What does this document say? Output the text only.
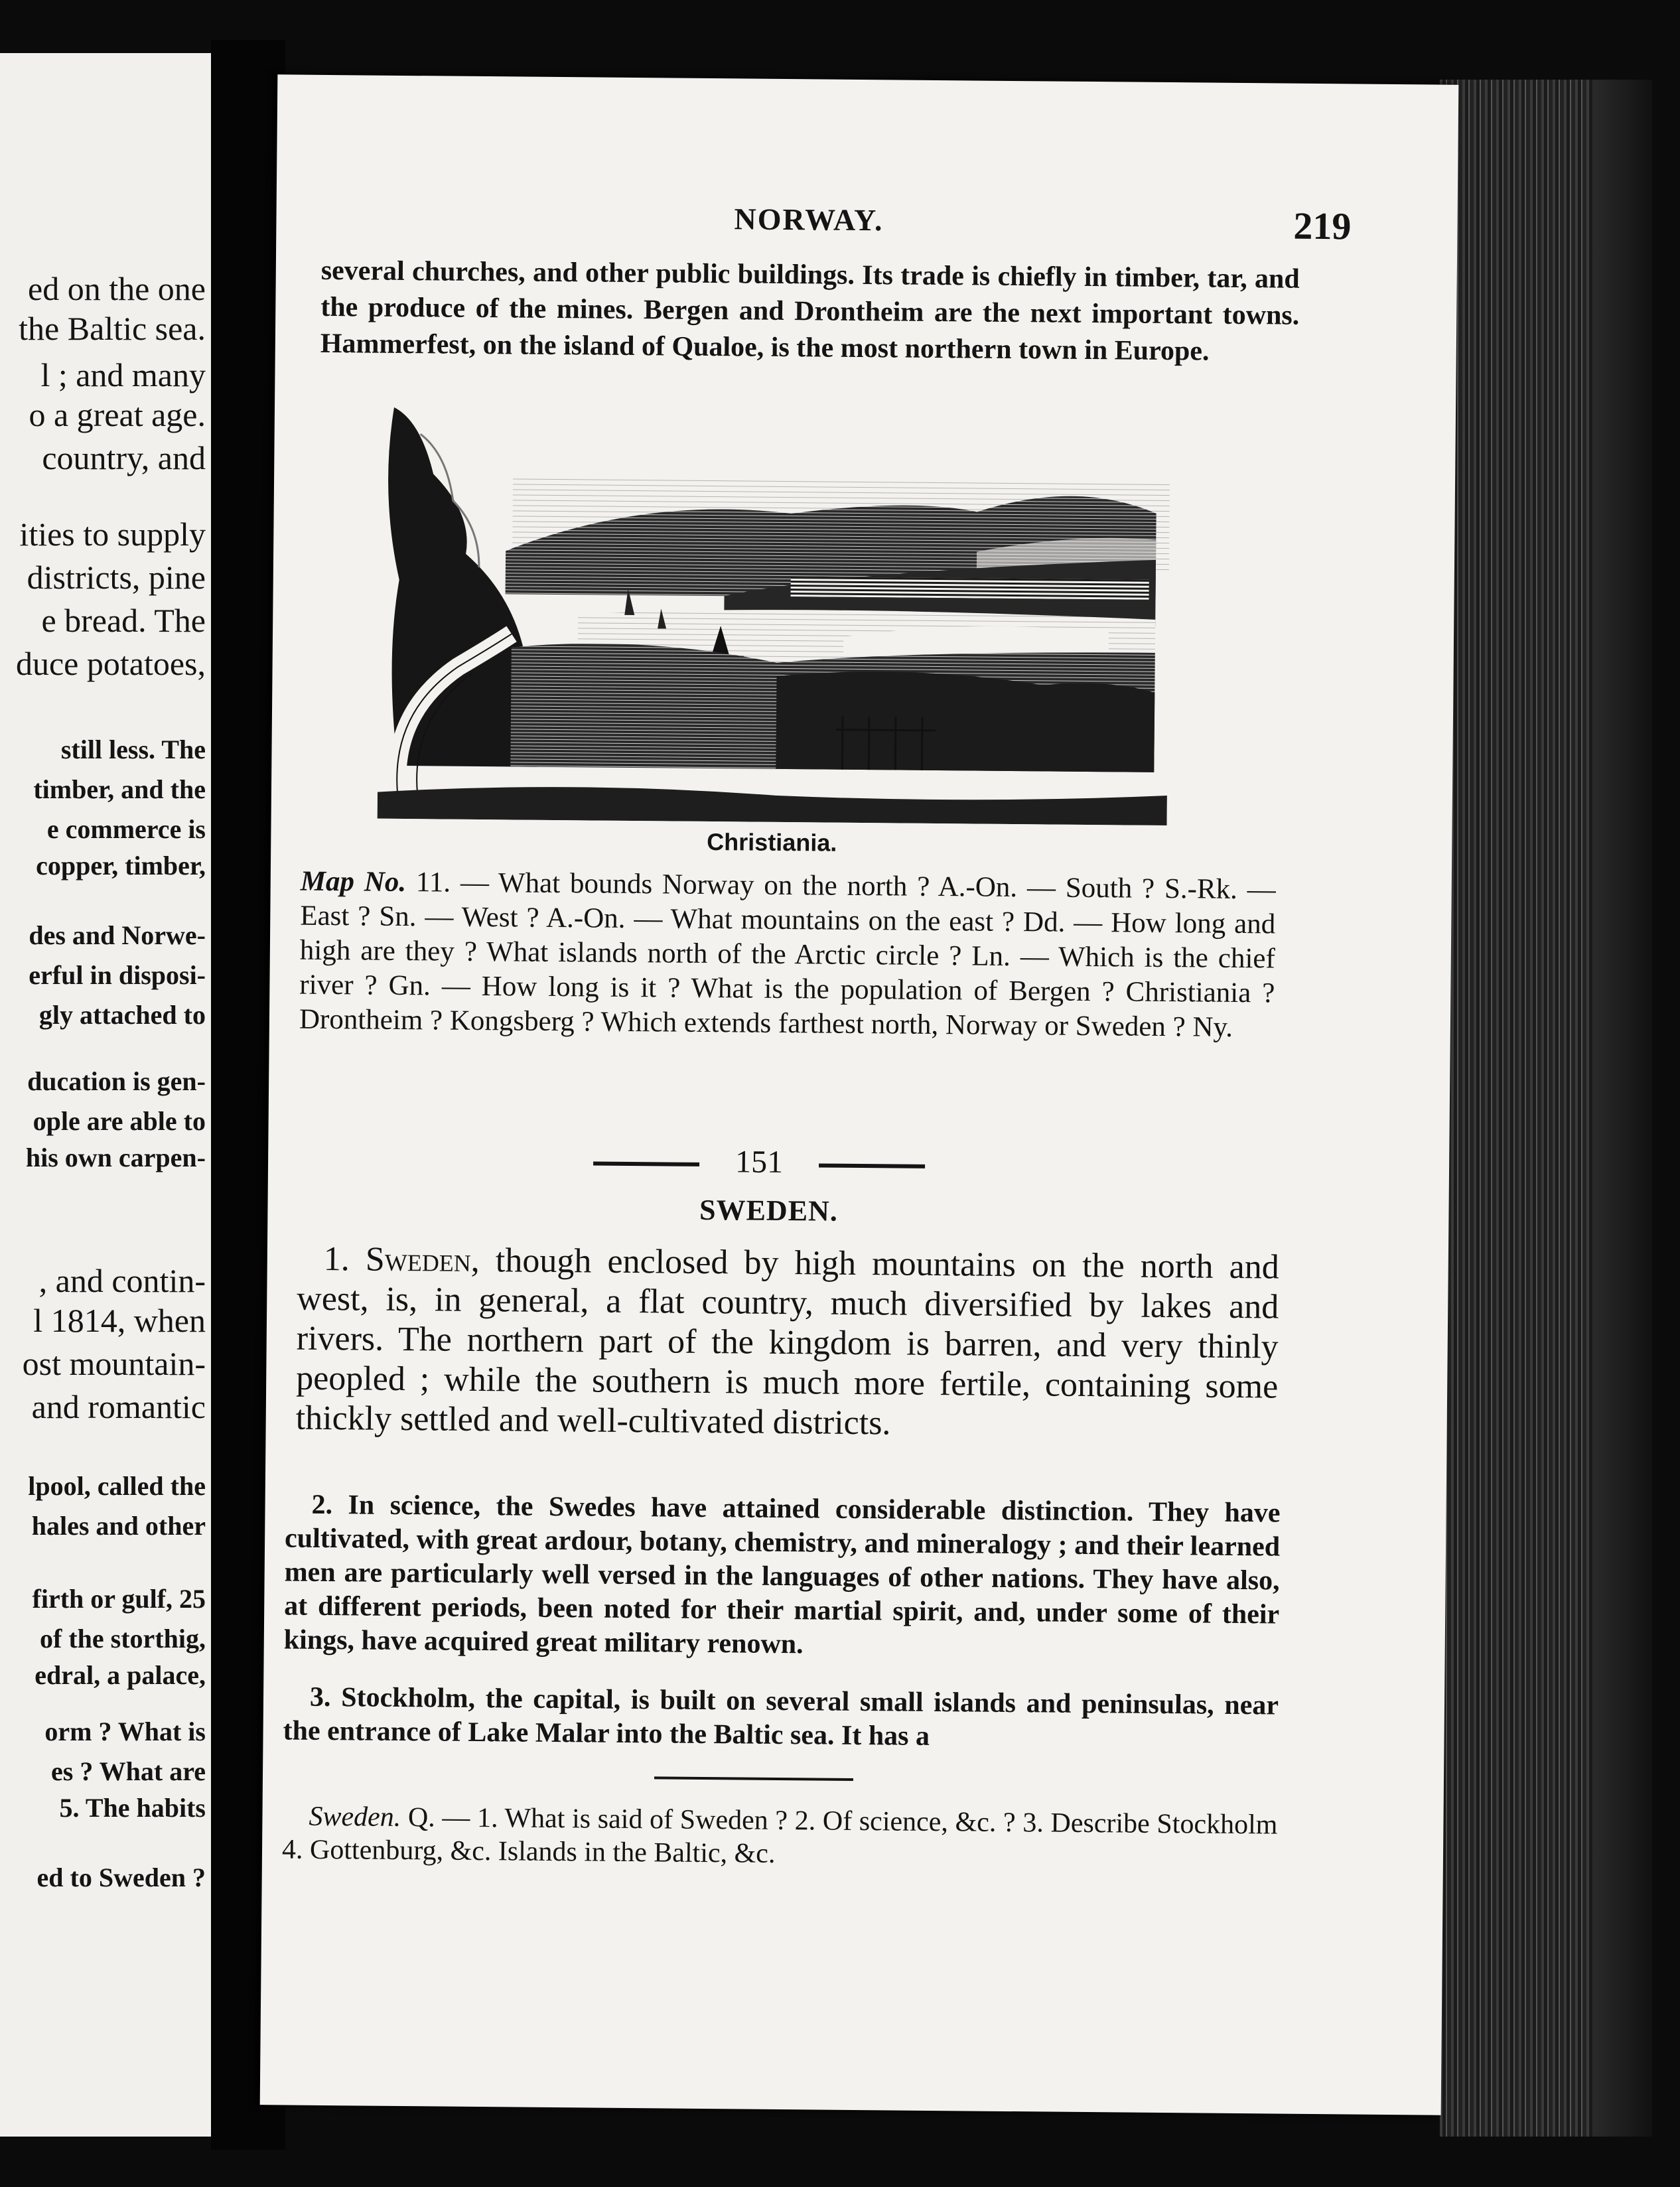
ed on the one
the Baltic sea.
l ; and many
o a great age.
country, and
ities to supply
districts, pine
e bread. The
duce potatoes,
still less. The
timber, and the
e commerce is
copper, timber,
des and Norwe-
erful in disposi-
gly attached to
ducation is gen-
ople are able to
his own carpen-
, and contin-
l 1814, when
ost mountain-
and romantic
lpool, called the
hales and other
firth or gulf, 25
of the storthig,
edral, a palace,
orm ? What is
es ? What are
5. The habits
ed to Sweden ?
NORWAY.	219
several churches, and other public buildings. Its trade is chiefly in timber, tar, and the produce of the mines. Bergen and Drontheim are the next important towns. Hammerfest, on the island of Qualoe, is the most northern town in Europe.
Christiania.
Map No. 11. — What bounds Norway on the north ? A.-On. — South ? S.-Rk. — East ? Sn. — West ? A.-On. — What mountains on the east ? Dd. — How long and high are they ? What islands north of the Arctic circle ? Ln. — Which is the chief river ? Gn. — How long is it ? What is the population of Bergen ? Christiania ? Drontheim ? Kongsberg ? Which extends farthest north, Norway or Sweden ? Ny.
151
SWEDEN.
1. Sweden, though enclosed by high mountains on the north and west, is, in general, a flat country, much diversified by lakes and rivers. The northern part of the kingdom is barren, and very thinly peopled ; while the southern is much more fertile, containing some thickly settled and well-cultivated districts.
2. In science, the Swedes have attained considerable distinction. They have cultivated, with great ardour, botany, chemistry, and mineralogy ; and their learned men are particularly well versed in the languages of other nations. They have also, at different periods, been noted for their martial spirit, and, under some of their kings, have acquired great military renown.
3. Stockholm, the capital, is built on several small islands and peninsulas, near the entrance of Lake Malar into the Baltic sea. It has a
Sweden. Q. — 1. What is said of Sweden ? 2. Of science, &c. ? 3. Describe Stockholm 4. Gottenburg, &c. Islands in the Baltic, &c.
